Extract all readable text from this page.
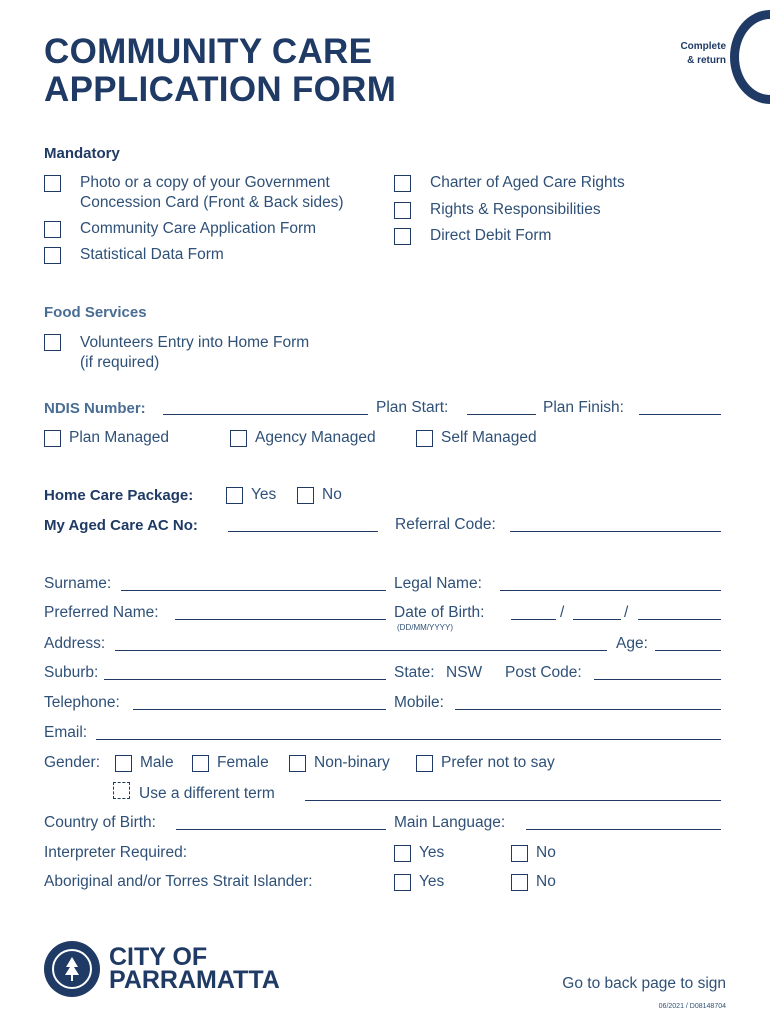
COMMUNITY CARE
APPLICATION FORM
Complete
& return
Mandatory
Photo or a copy of your Government
Concession Card (Front & Back sides)
Community Care Application Form
Statistical Data Form
Charter of Aged Care Rights
Rights & Responsibilities
Direct Debit Form
Food Services
Volunteers Entry into Home Form
(if required)
NDIS Number:	Plan Start:	Plan Finish:
Plan Managed	Agency Managed	Self Managed
Home Care Package:	Yes	No
My Aged Care AC No:	Referral Code:
Surname:	Legal Name:
Preferred Name:	Date of Birth:	/	/
(DD/MM/YYYY)
Address:	Age:
Suburb:	State: NSW Post Code:
Telephone:	Mobile:
Email:
Gender:	Male	Female	Non-binary	Prefer not to say
Use a different term
Country of Birth:	Main Language:
Interpreter Required:	Yes	No
Aboriginal and/or Torres Strait Islander:	Yes	No
CITY OF
PARRAMATTA	Go to back page to sign
06/2021 / D08148704
